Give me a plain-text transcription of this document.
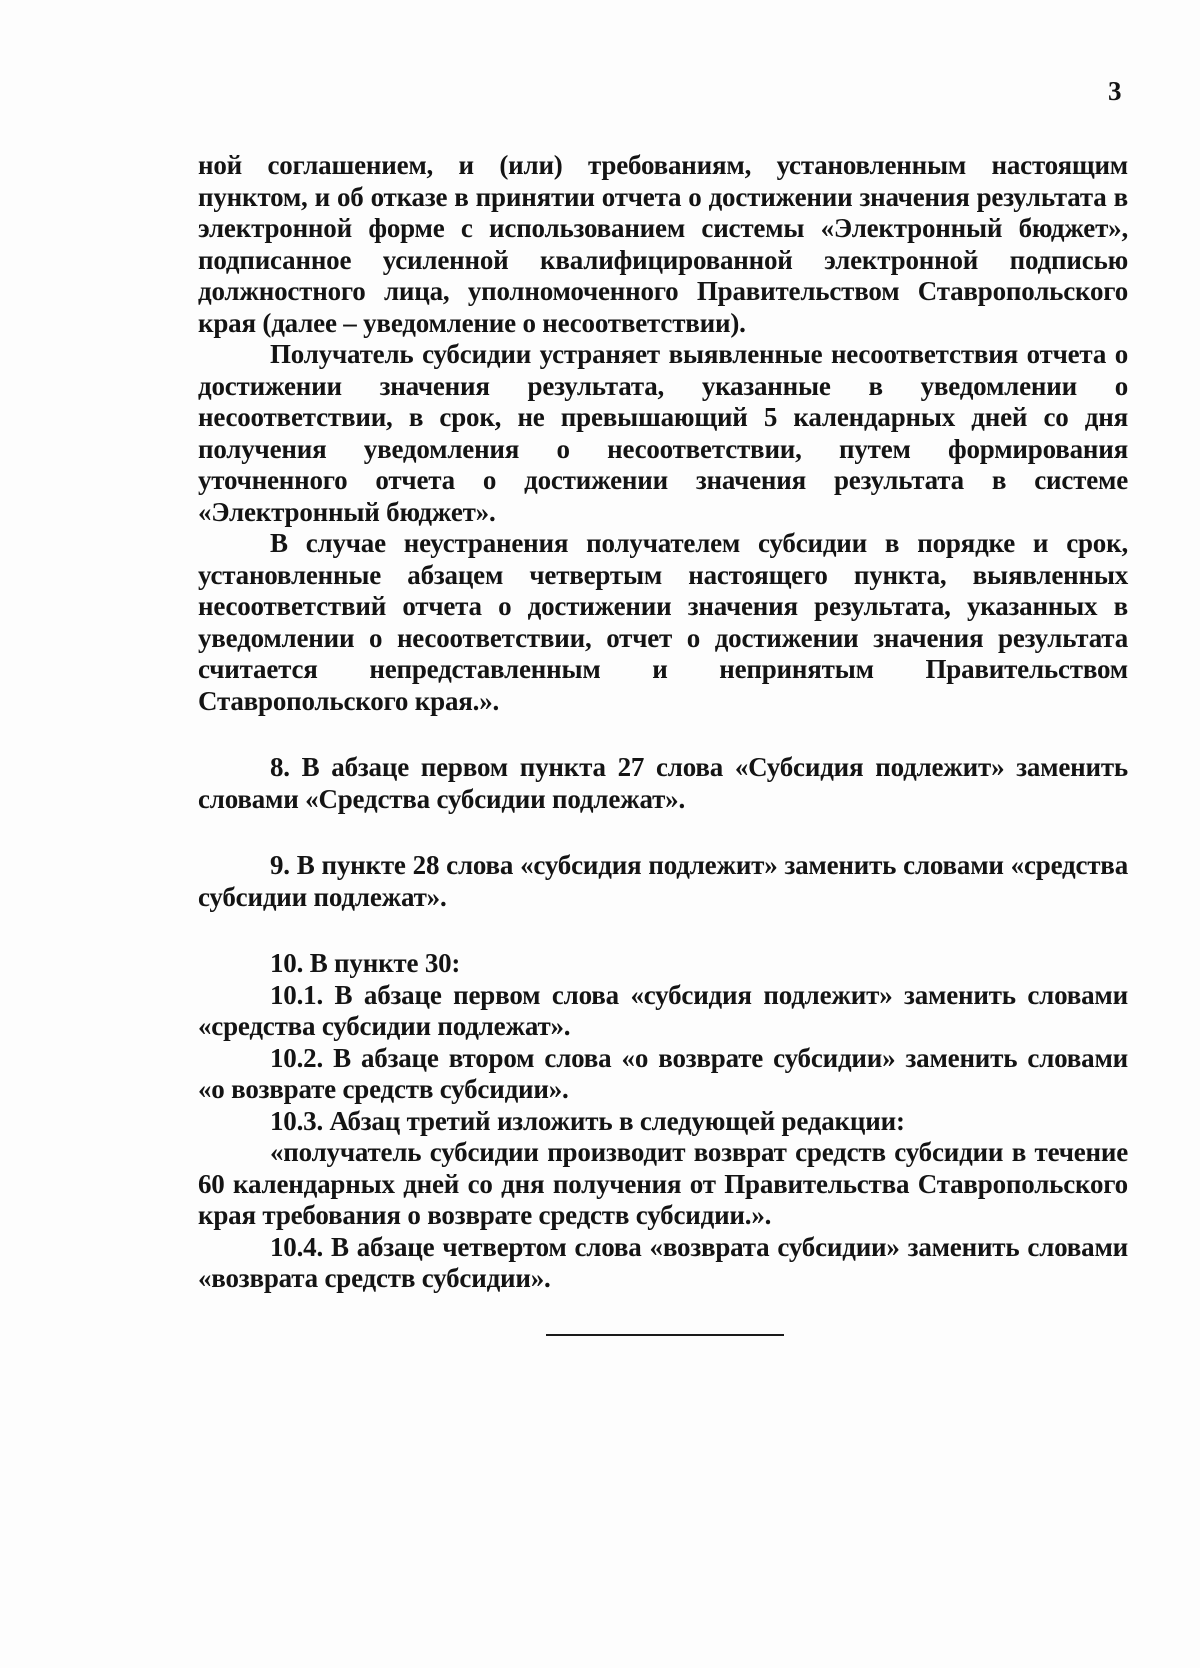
3

ной соглашением, и (или) требованиям, установленным настоящим пунктом, и об отказе в принятии отчета о достижении значения результата в электронной форме с использованием системы «Электронный бюджет», подписанное усиленной квалифицированной электронной подписью должностного лица, уполномоченного Правительством Ставропольского края (далее – уведомление о несоответствии).

Получатель субсидии устраняет выявленные несоответствия отчета о достижении значения результата, указанные в уведомлении о несоответствии, в срок, не превышающий 5 календарных дней со дня получения уведомления о несоответствии, путем формирования уточненного отчета о достижении значения результата в системе «Электронный бюджет».

В случае неустранения получателем субсидии в порядке и срок, установленные абзацем четвертым настоящего пункта, выявленных несоответствий отчета о достижении значения результата, указанных в уведомлении о несоответствии, отчет о достижении значения результата считается непредставленным и непринятым Правительством Ставропольского края.».

8. В абзаце первом пункта 27 слова «Субсидия подлежит» заменить словами «Средства субсидии подлежат».

9. В пункте 28 слова «субсидия подлежит» заменить словами «средства субсидии подлежат».

10. В пункте 30:

10.1. В абзаце первом слова «субсидия подлежит» заменить словами «средства субсидии подлежат».

10.2. В абзаце втором слова «о возврате субсидии» заменить словами «о возврате средств субсидии».

10.3. Абзац третий изложить в следующей редакции:

«получатель субсидии производит возврат средств субсидии в течение 60 календарных дней со дня получения от Правительства Ставропольского края требования о возврате средств субсидии.».

10.4. В абзаце четвертом слова «возврата субсидии» заменить словами «возврата средств субсидии».
